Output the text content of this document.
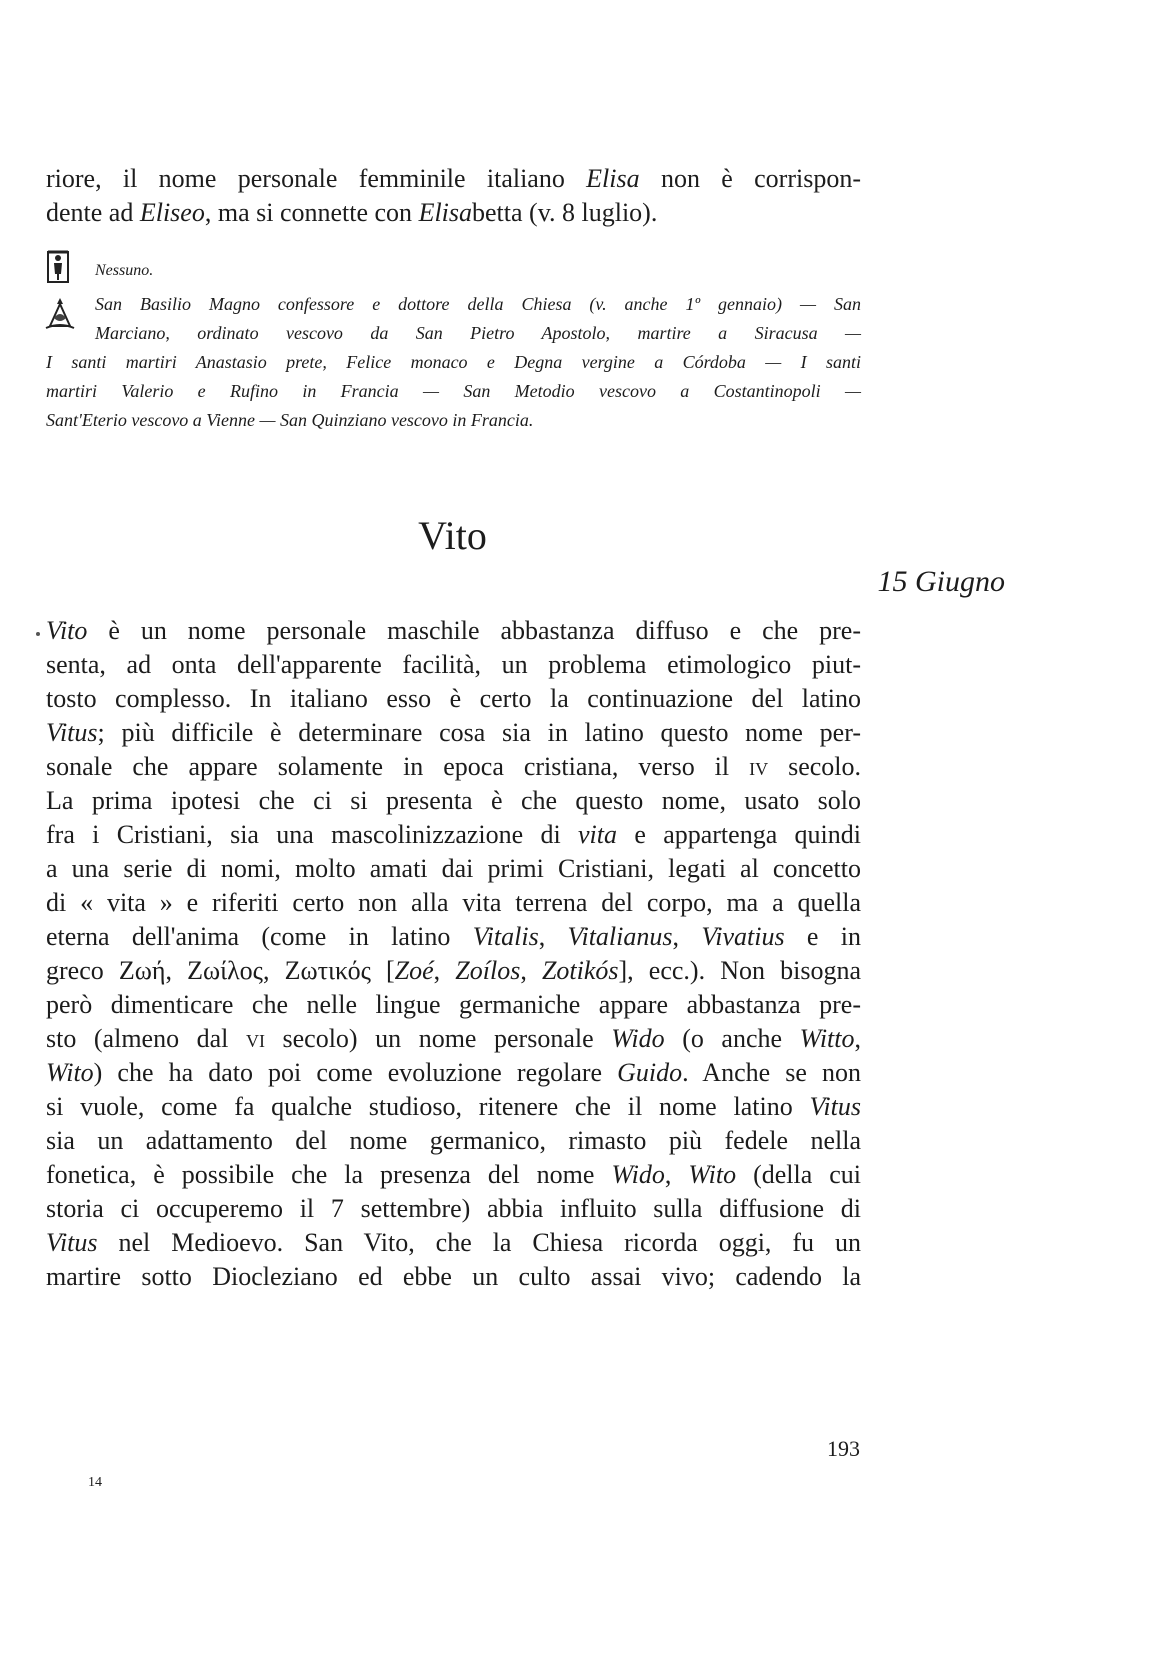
riore, il nome personale femminile italiano Elisa non è corrispon-
dente ad Eliseo, ma si connette con Elisabetta (v. 8 luglio).
Nessuno.
San Basilio Magno confessore e dottore della Chiesa (v. anche 1º gennaio) — San
Marciano, ordinato vescovo da San Pietro Apostolo, martire a Siracusa —
I santi martiri Anastasio prete, Felice monaco e Degna vergine a Córdoba — I santi
martiri Valerio e Rufino in Francia — San Metodio vescovo a Costantinopoli —
Sant'Eterio vescovo a Vienne — San Quinziano vescovo in Francia.
Vito
15 Giugno
Vito è un nome personale maschile abbastanza diffuso e che pre-
senta, ad onta dell'apparente facilità, un problema etimologico piut-
tosto complesso. In italiano esso è certo la continuazione del latino
Vitus; più difficile è determinare cosa sia in latino questo nome per-
sonale che appare solamente in epoca cristiana, verso il iv secolo.
La prima ipotesi che ci si presenta è che questo nome, usato solo
fra i Cristiani, sia una mascolinizzazione di vita e appartenga quindi
a una serie di nomi, molto amati dai primi Cristiani, legati al concetto
di « vita » e riferiti certo non alla vita terrena del corpo, ma a quella
eterna dell'anima (come in latino Vitalis, Vitalianus, Vivatius e in
greco Ζωή, Ζωίλος, Ζωτικός [Zoé, Zoílos, Zotikós], ecc.). Non bisogna
però dimenticare che nelle lingue germaniche appare abbastanza pre-
sto (almeno dal vi secolo) un nome personale Wido (o anche Witto,
Wito) che ha dato poi come evoluzione regolare Guido. Anche se non
si vuole, come fa qualche studioso, ritenere che il nome latino Vitus
sia un adattamento del nome germanico, rimasto più fedele nella
fonetica, è possibile che la presenza del nome Wido, Wito (della cui
storia ci occuperemo il 7 settembre) abbia influito sulla diffusione di
Vitus nel Medioevo. San Vito, che la Chiesa ricorda oggi, fu un
martire sotto Diocleziano ed ebbe un culto assai vivo; cadendo la
193
14
